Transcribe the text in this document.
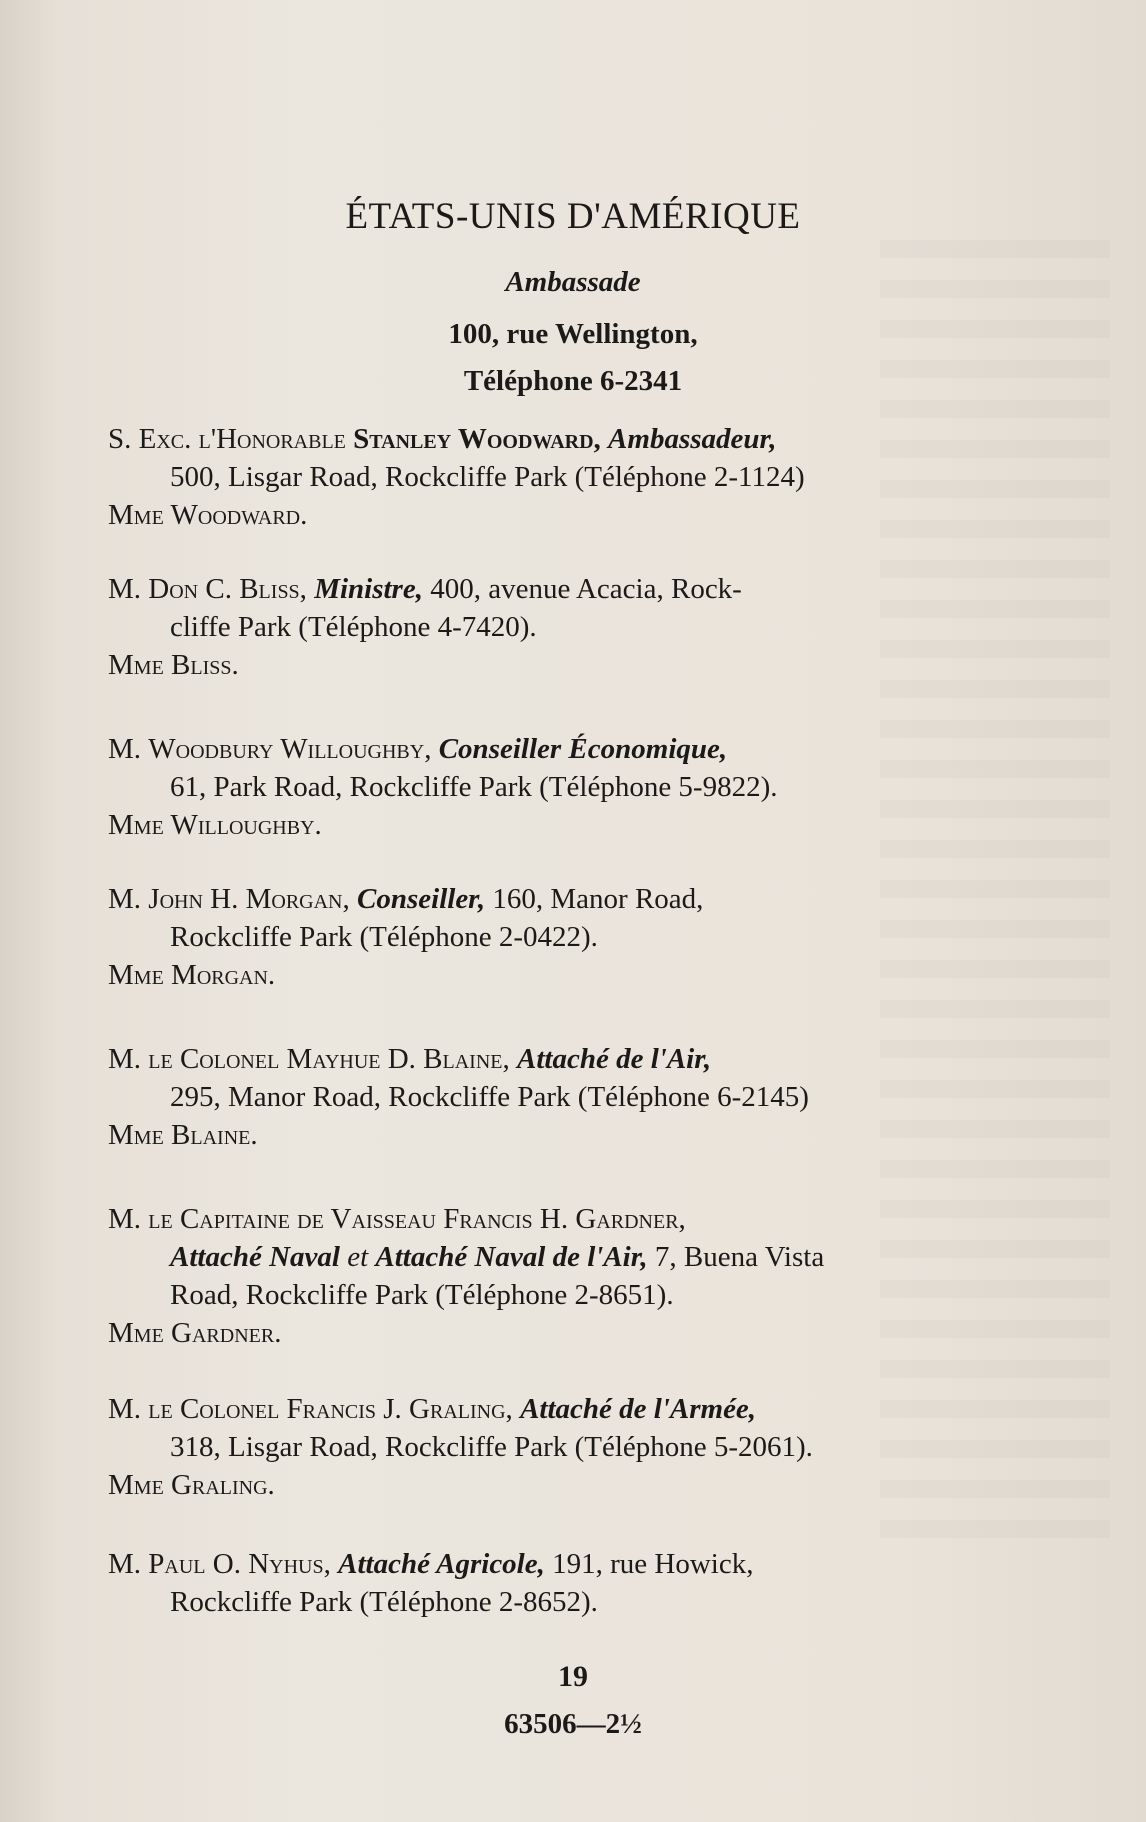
ÉTATS-UNIS D'AMÉRIQUE
Ambassade
100, rue Wellington,
Téléphone 6-2341
S. Exc. l'Honorable Stanley Woodward, Ambassadeur,
500, Lisgar Road, Rockcliffe Park (Téléphone 2-1124)
Mme Woodward.
M. Don C. Bliss, Ministre, 400, avenue Acacia, Rock-
cliffe Park (Téléphone 4-7420).
Mme Bliss.
M. Woodbury Willoughby, Conseiller Économique,
61, Park Road, Rockcliffe Park (Téléphone 5-9822).
Mme Willoughby.
M. John H. Morgan, Conseiller, 160, Manor Road,
Rockcliffe Park (Téléphone 2-0422).
Mme Morgan.
M. le Colonel Mayhue D. Blaine, Attaché de l'Air,
295, Manor Road, Rockcliffe Park (Téléphone 6-2145)
Mme Blaine.
M. le Capitaine de Vaisseau Francis H. Gardner,
Attaché Naval et Attaché Naval de l'Air, 7, Buena Vista
Road, Rockcliffe Park (Téléphone 2-8651).
Mme Gardner.
M. le Colonel Francis J. Graling, Attaché de l'Armée,
318, Lisgar Road, Rockcliffe Park (Téléphone 5-2061).
Mme Graling.
M. Paul O. Nyhus, Attaché Agricole, 191, rue Howick,
Rockcliffe Park (Téléphone 2-8652).
19
63506—2½
